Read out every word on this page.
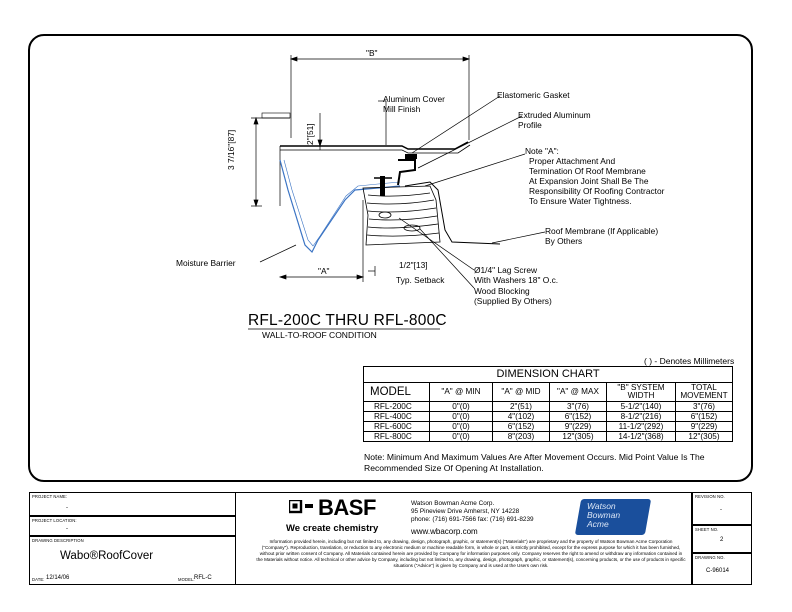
"B"
3 7/16"[87]	2"[51]
"A"
1/2"[13]
Typ. Setback
Aluminum Cover
Mill Finish
Elastomeric Gasket
Extruded Aluminum
Profile
Note "A":
Proper Attachment And
Termination Of Roof Membrane
At Expansion Joint Shall Be The
Responsibility Of Roofing Contractor
To Ensure Water Tightness.
Roof Membrane (If Applicable)
By Others
Ø1/4" Lag Screw
With Washers 18" O.c.
Wood Blocking
(Supplied By Others)
Moisture Barrier
RFL-200C THRU RFL-800C
WALL-TO-ROOF CONDITION
( ) - Denotes Millimeters
DIMENSION CHART					
MODEL	"A" @ MIN	"A" @ MID	"A" @ MAX	"B" SYSTEM WIDTH	TOTAL MOVEMENT
RFL-200C	0"(0)	2"(51)	3"(76)	5-1/2"(140)	3"(76)
RFL-400C	0"(0)	4"(102)	6"(152)	8-1/2"(216)	6"(152)
RFL-600C	0"(0)	6"(152)	9"(229)	11-1/2"(292)	9"(229)
RFL-800C	0"(0)	8"(203)	12"(305)	14-1/2"(368)	12"(305)
Note: Minimum And Maximum Values Are After Movement Occurs. Mid Point Value Is The Recommended Size Of Opening At Installation.
PROJECT NAME:
-
PROJECT LOCATION:
-
DRAWING DESCRIPTION
Wabo®RoofCover
DATE: 12/14/06	MODEL: RFL-C
BASF
We create chemistry
Watson Bowman Acme Corp.
95 Pineview Drive Amherst, NY 14228
phone: (716) 691-7566 fax: (716) 691-8239
www.wbacorp.com
Watson
Bowman
Acme
Information provided herein, including but not limited to, any drawing, design, photograph, graphic, or statement(s) ("Materials") are proprietary and the property of Watson Bowman Acme Corporation ("Company"). Reproduction, translation, or reduction to any electronic medium or machine readable form, in whole or part, is strictly prohibited, except for the express purpose for which it has been furnished, without prior written consent of Company. All Materials contained herein are provided by Company for information purposes only. Company reserves the right to amend or withdraw any information contained in the Materials without notice. All technical or other advice by Company, including but not limited to, any drawing, design, photograph, graphic, or statement(s), concerning products, or the use of products in specific situations ("Advice") is given by Company and is used at the Users own risk.
REVISION NO.
-
SHEET NO.
2
DRAWING NO.
C-96014
